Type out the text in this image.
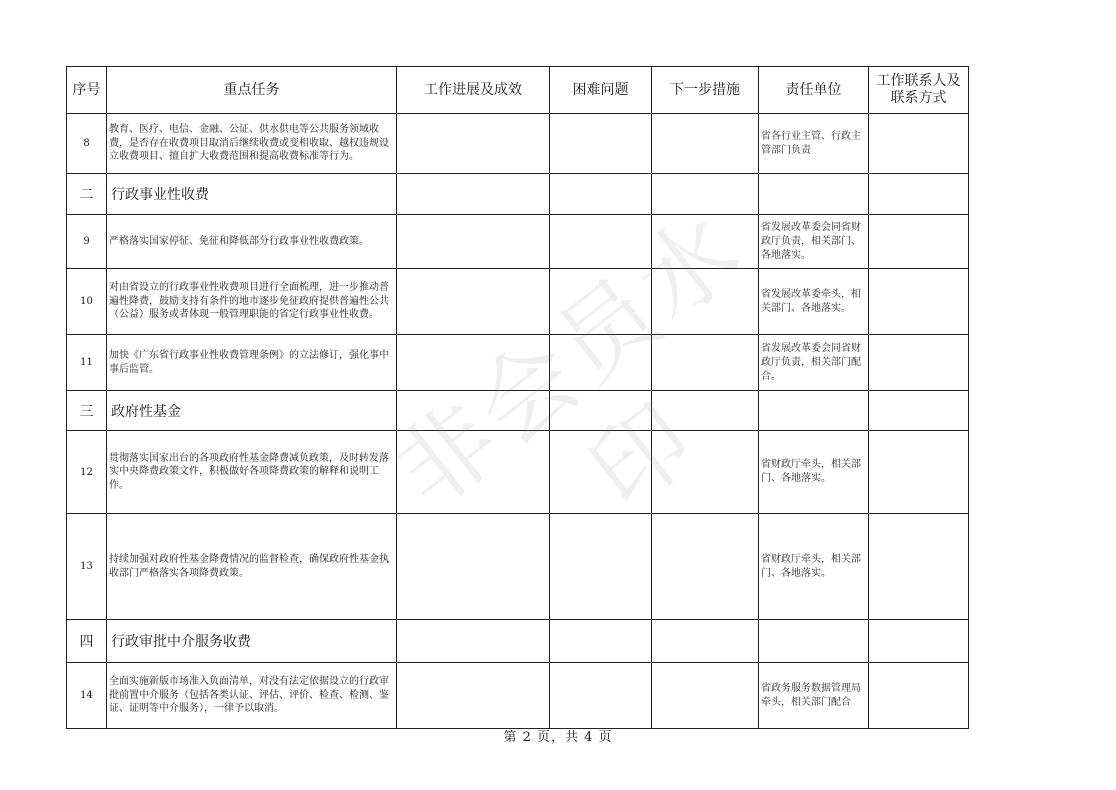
序号	重点任务	工作进展及成效	困难问题	下一步措施	责任单位	工作联系人及联系方式
8	教育、医疗、电信、金融、公证、供水供电等公共服务领域收费，是否存在收费项目取消后继续收费或变相收取、越权违规设立收费项目、擅自扩大收费范围和提高收费标准等行为。				省各行业主管、行政主管部门负责	
二	行政事业性收费					
9	严格落实国家停征、免征和降低部分行政事业性收费政策。				省发展改革委会同省财政厅负责，相关部门、各地落实。	
10	对由省设立的行政事业性收费项目进行全面梳理，进一步推动普遍性降费，鼓励支持有条件的地市逐步免征政府提供普遍性公共（公益）服务或者体现一般管理职能的省定行政事业性收费。				省发展改革委牵头，相关部门、各地落实。	
11	加快《广东省行政事业性收费管理条例》的立法修订，强化事中事后监管。				省发展改革委会同省财政厅负责，相关部门配合。	
三	政府性基金					
12	贯彻落实国家出台的各项政府性基金降费减负政策，及时转发落实中央降费政策文件，积极做好各项降费政策的解释和说明工作。				省财政厅牵头，相关部门、各地落实。	
13	持续加强对政府性基金降费情况的监督检查，确保政府性基金执收部门严格落实各项降费政策。				省财政厅牵头，相关部门、各地落实。	
四	行政审批中介服务收费					
14	全面实施新版市场准入负面清单，对没有法定依据设立的行政审批前置中介服务（包括各类认证、评估、评价、检查、检测、鉴证、证明等中介服务），一律予以取消。				省政务服务数据管理局牵头，相关部门配合	
非会员水印
第 2 页，共 4 页
